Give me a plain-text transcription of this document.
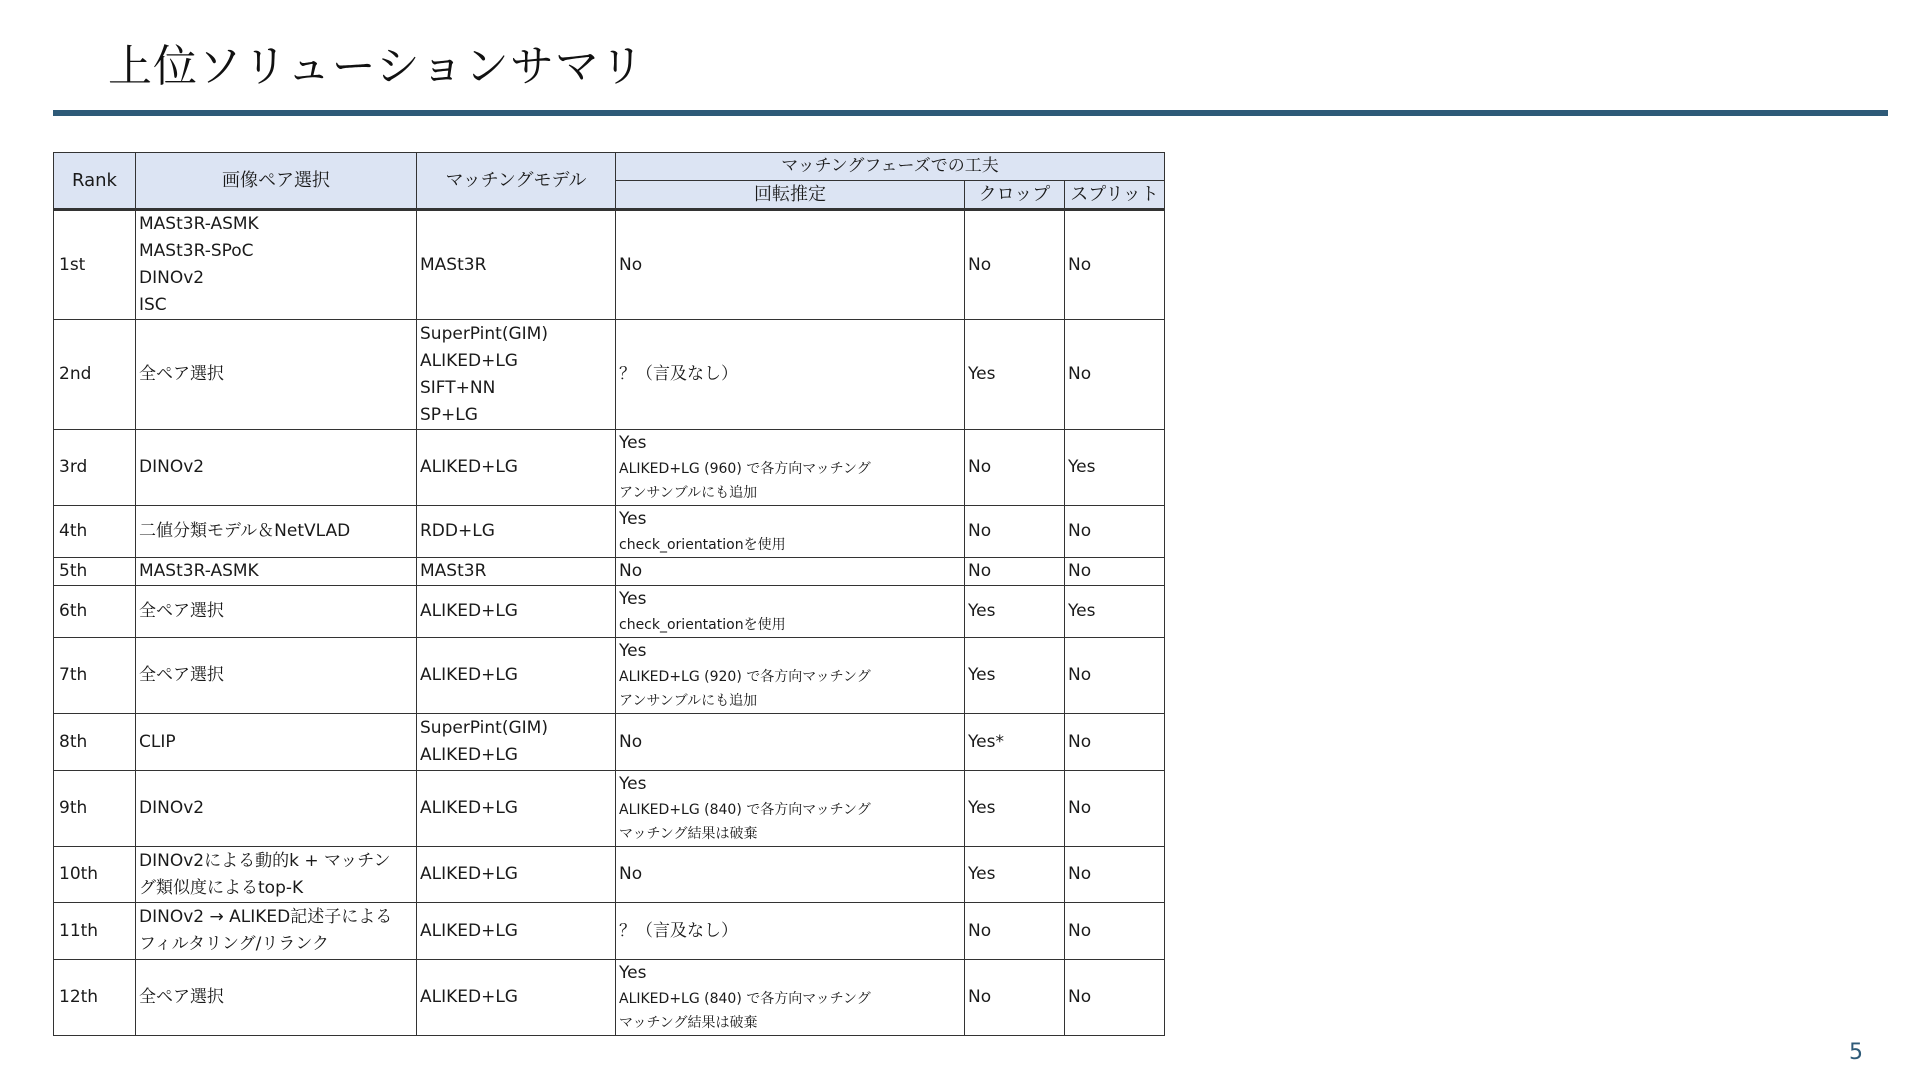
上位ソリューションサマリ
Rank	画像ペア選択	マッチングモデル	マッチングフェーズでの工夫		
			回転推定	クロップ	スプリット

1st	MASt3R-ASMK
MASt3R-SPoC
DINOv2
ISC	MASt3R	No	No	No

2nd	全ペア選択	SuperPint(GIM)
ALIKED+LG
SIFT+NN
SP+LG	？（言及なし）	Yes	No

3rd	DINOv2	ALIKED+LG	Yes
ALIKED+LG (960) で各方向マッチング
アンサンブルにも追加	No	Yes

4th	二値分類モデル＆NetVLAD	RDD+LG	Yes
check_orientationを使用	No	No

5th	MASt3R-ASMK	MASt3R	No	No	No

6th	全ペア選択	ALIKED+LG	Yes
check_orientationを使用	Yes	Yes

7th	全ペア選択	ALIKED+LG	Yes
ALIKED+LG (920) で各方向マッチング
アンサンブルにも追加	Yes	No

8th	CLIP	SuperPint(GIM)
ALIKED+LG	No	Yes*	No

9th	DINOv2	ALIKED+LG	Yes
ALIKED+LG (840) で各方向マッチング
マッチング結果は破棄	Yes	No

10th	DINOv2による動的k + マッチン
グ類似度によるtop-K	ALIKED+LG	No	Yes	No

11th	DINOv2 → ALIKED記述子による
フィルタリング/リランク	ALIKED+LG	？（言及なし）	No	No

12th	全ペア選択	ALIKED+LG	Yes
ALIKED+LG (840) で各方向マッチング
マッチング結果は破棄	No	No
5
